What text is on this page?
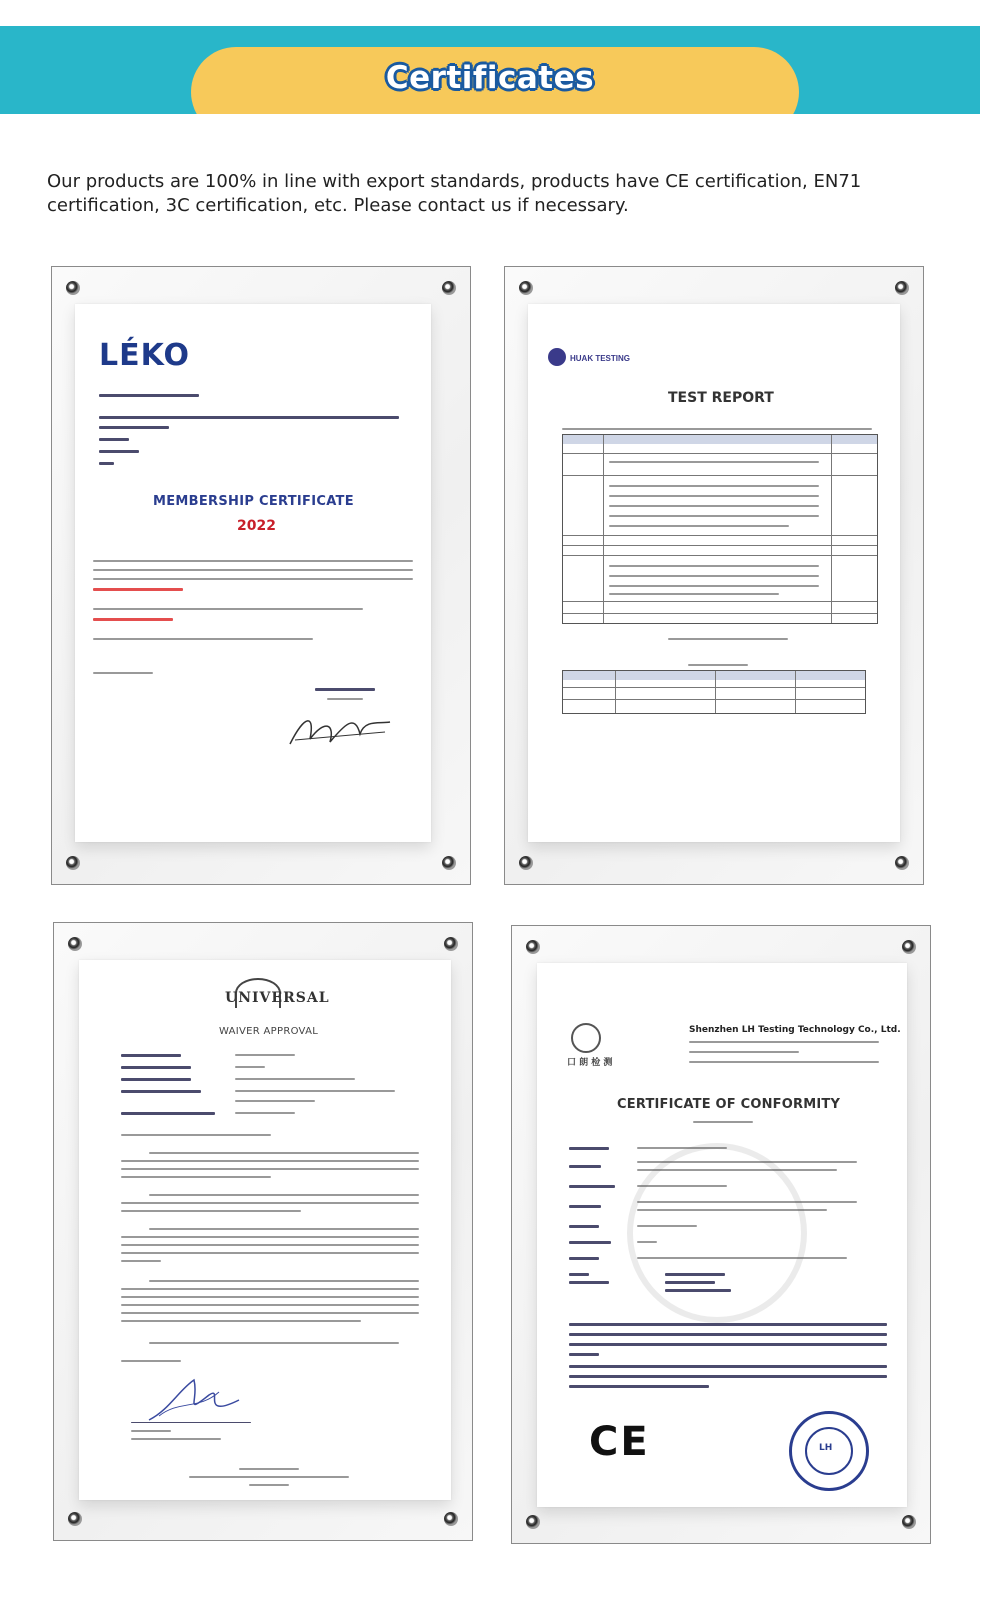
Certificates

Our products are 100% in line with export standards, products have CE certification, EN71 certification, 3C certification, etc. Please contact us if necessary.

LÉKO
MEMBERSHIP CERTIFICATE
2022
HUAK TESTING
TEST REPORT
UNIVERSAL
WAIVER APPROVAL
口 朗 检 测
Shenzhen LH Testing Technology Co., Ltd.
CERTIFICATE OF CONFORMITY
CE	LH
